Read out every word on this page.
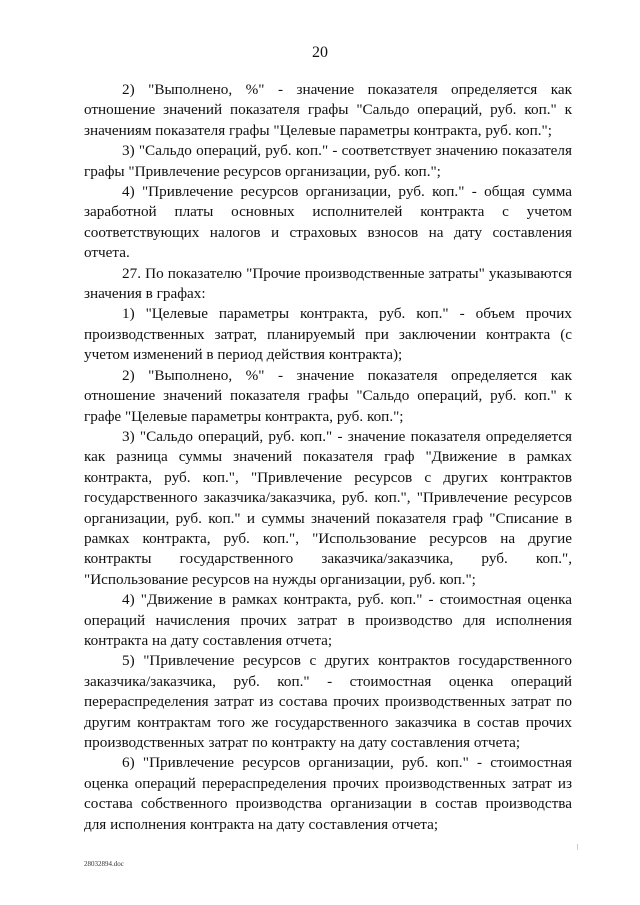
20

2) "Выполнено, %" - значение показателя определяется как отношение значений показателя графы "Сальдо операций, руб. коп." к значениям показателя графы "Целевые параметры контракта, руб. коп.";

3) "Сальдо операций, руб. коп." - соответствует значению показателя графы "Привлечение ресурсов организации, руб. коп.";

4) "Привлечение ресурсов организации, руб. коп." - общая сумма заработной платы основных исполнителей контракта с учетом соответствующих налогов и страховых взносов на дату составления отчета.

27. По показателю "Прочие производственные затраты" указываются значения в графах:

1) "Целевые параметры контракта, руб. коп." - объем прочих производственных затрат, планируемый при заключении контракта (с учетом изменений в период действия контракта);

2) "Выполнено, %" - значение показателя определяется как отношение значений показателя графы "Сальдо операций, руб. коп." к графе "Целевые параметры контракта, руб. коп.";

3) "Сальдо операций, руб. коп." - значение показателя определяется как разница суммы значений показателя граф "Движение в рамках контракта, руб. коп.", "Привлечение ресурсов с других контрактов государственного заказчика/заказчика, руб. коп.", "Привлечение ресурсов организации, руб. коп." и суммы значений показателя граф "Списание в рамках контракта, руб. коп.", "Использование ресурсов на другие контракты государственного заказчика/заказчика, руб. коп.", "Использование ресурсов на нужды организации, руб. коп.";

4) "Движение в рамках контракта, руб. коп." - стоимостная оценка операций начисления прочих затрат в производство для исполнения контракта на дату составления отчета;

5) "Привлечение ресурсов с других контрактов государственного заказчика/заказчика, руб. коп." - стоимостная оценка операций перераспределения затрат из состава прочих производственных затрат по другим контрактам того же государственного заказчика в состав прочих производственных затрат по контракту на дату составления отчета;

6) "Привлечение ресурсов организации, руб. коп." - стоимостная оценка операций перераспределения прочих производственных затрат из состава собственного производства организации в состав производства для исполнения контракта на дату составления отчета;

28032894.doc
